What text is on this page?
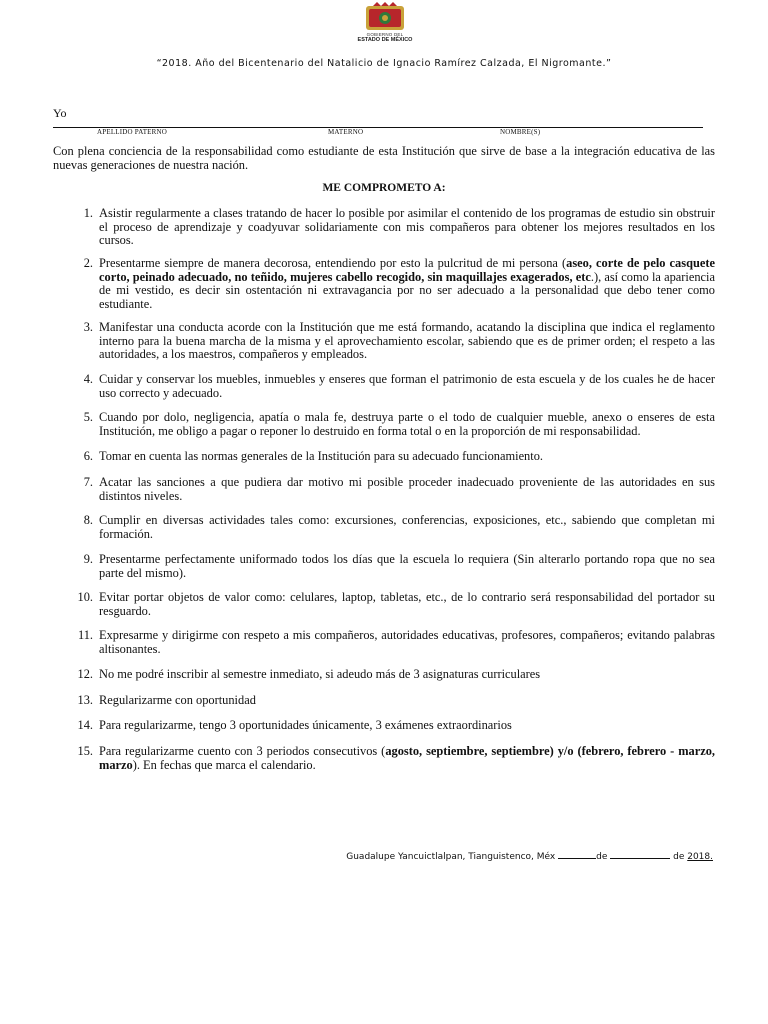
GOBIERNO DEL
ESTADO DE MÉXICO
“2018. Año del Bicentenario del Natalicio de Ignacio Ramírez Calzada, El Nigromante.”
Yo
APELLIDO PATERNO	MATERNO	NOMBRE(S)

Con plena conciencia de la responsabilidad como estudiante de esta Institución que sirve de base a la integración educativa de las nuevas generaciones de nuestra nación.

ME COMPROMETO A:
1. Asistir regularmente a clases tratando de hacer lo posible por asimilar el contenido de los programas de estudio sin obstruir el proceso de aprendizaje y coadyuvar solidariamente con mis compañeros para obtener los mejores resultados en los cursos.
2. Presentarme siempre de manera decorosa, entendiendo por esto la pulcritud de mi persona (aseo, corte de pelo casquete corto, peinado adecuado, no teñido, mujeres cabello recogido, sin maquillajes exagerados, etc.), así como la apariencia de mi vestido, es decir sin ostentación ni extravagancia por no ser adecuado a la personalidad que debo tener como estudiante.
3. Manifestar una conducta acorde con la Institución que me está formando, acatando la disciplina que indica el reglamento interno para la buena marcha de la misma y el aprovechamiento escolar, sabiendo que es de primer orden; el respeto a las autoridades, a los maestros, compañeros y empleados.
4. Cuidar y conservar los muebles, inmuebles y enseres que forman el patrimonio de esta escuela y de los cuales he de hacer uso correcto y adecuado.
5. Cuando por dolo, negligencia, apatía o mala fe, destruya parte o el todo de cualquier mueble, anexo o enseres de esta Institución, me obligo a pagar o reponer lo destruido en forma total o en la proporción de mi responsabilidad.
6. Tomar en cuenta las normas generales de la Institución para su adecuado funcionamiento.
7. Acatar las sanciones a que pudiera dar motivo mi posible proceder inadecuado proveniente de las autoridades en sus distintos niveles.
8. Cumplir en diversas actividades tales como: excursiones, conferencias, exposiciones, etc., sabiendo que completan mi formación.
9. Presentarme perfectamente uniformado todos los días que la escuela lo requiera (Sin alterarlo portando ropa que no sea parte del mismo).
10. Evitar portar objetos de valor como: celulares, laptop, tabletas, etc., de lo contrario será responsabilidad del portador su resguardo.
11. Expresarme y dirigirme con respeto a mis compañeros, autoridades educativas, profesores, compañeros; evitando palabras altisonantes.
12. No me podré inscribir al semestre inmediato, si adeudo más de 3 asignaturas curriculares
13. Regularizarme con oportunidad
14. Para regularizarme, tengo 3 oportunidades únicamente, 3 exámenes extraordinarios
15. Para regularizarme cuento con 3 periodos consecutivos (agosto, septiembre, septiembre) y/o (febrero, febrero - marzo, marzo). En fechas que marca el calendario.
Guadalupe Yancuictlalpan, Tianguistenco, Méx	de	de 2018.
